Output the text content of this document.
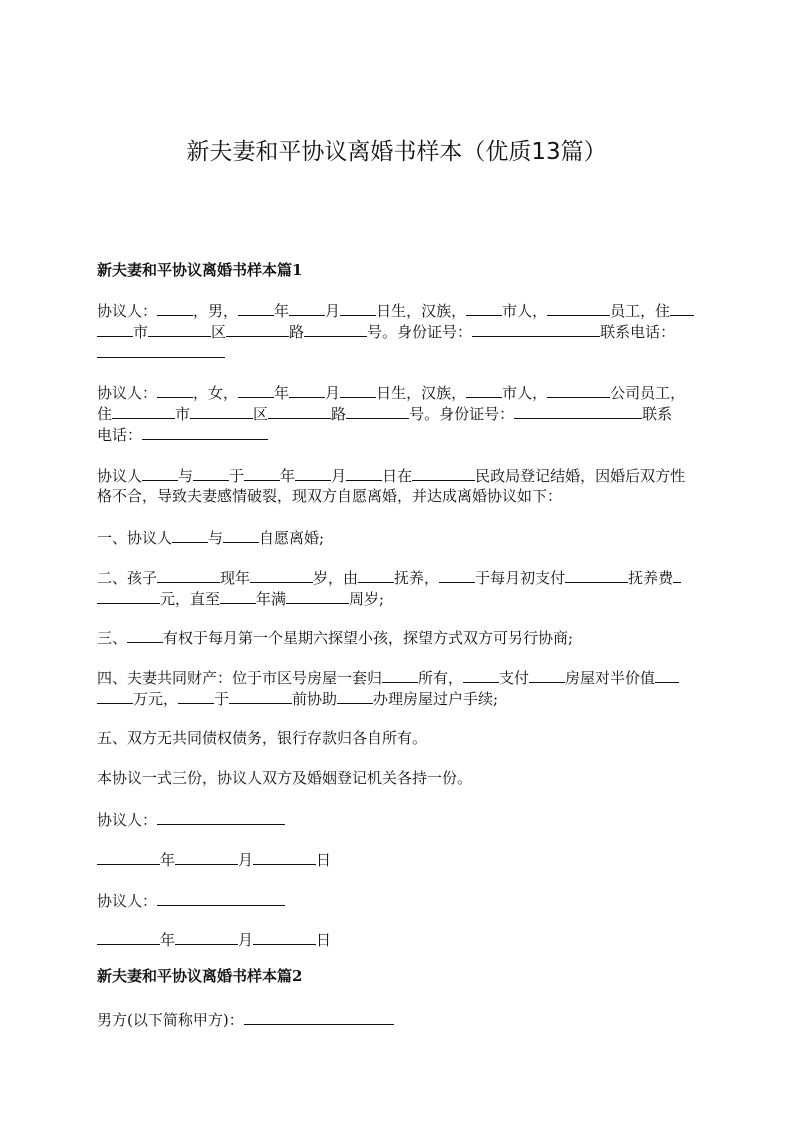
新夫妻和平协议离婚书样本（优质13篇）
新夫妻和平协议离婚书样本篇1
协议人： ，男， 年 月 日生，汉族， 市人，	员工，住
市	区	路	号。身份证号：	联系电话：
协议人： ，女， 年 月 日生，汉族， 市人，	公司员工，
住	市	区	路	号。身份证号：	联系
电话：
协议人 与 于 年 月 日在	民政局登记结婚，因婚后双方性
格不合，导致夫妻感情破裂，现双方自愿离婚，并达成离婚协议如下：
一、协议人 与 自愿离婚;
二、孩子	现年	岁，由 抚养， 于每月初支付	抚养费
元，直至 年满	周岁;
三、 有权于每月第一个星期六探望小孩，探望方式双方可另行协商;
四、夫妻共同财产：位于市区号房屋一套归 所有， 支付 房屋对半价值
万元， 于	前协助 办理房屋过户手续;
五、双方无共同债权债务，银行存款归各自所有。
本协议一式三份，协议人双方及婚姻登记机关各持一份。
协议人：
年	月	日
协议人：
年	月	日
新夫妻和平协议离婚书样本篇2
男方(以下简称甲方)：
